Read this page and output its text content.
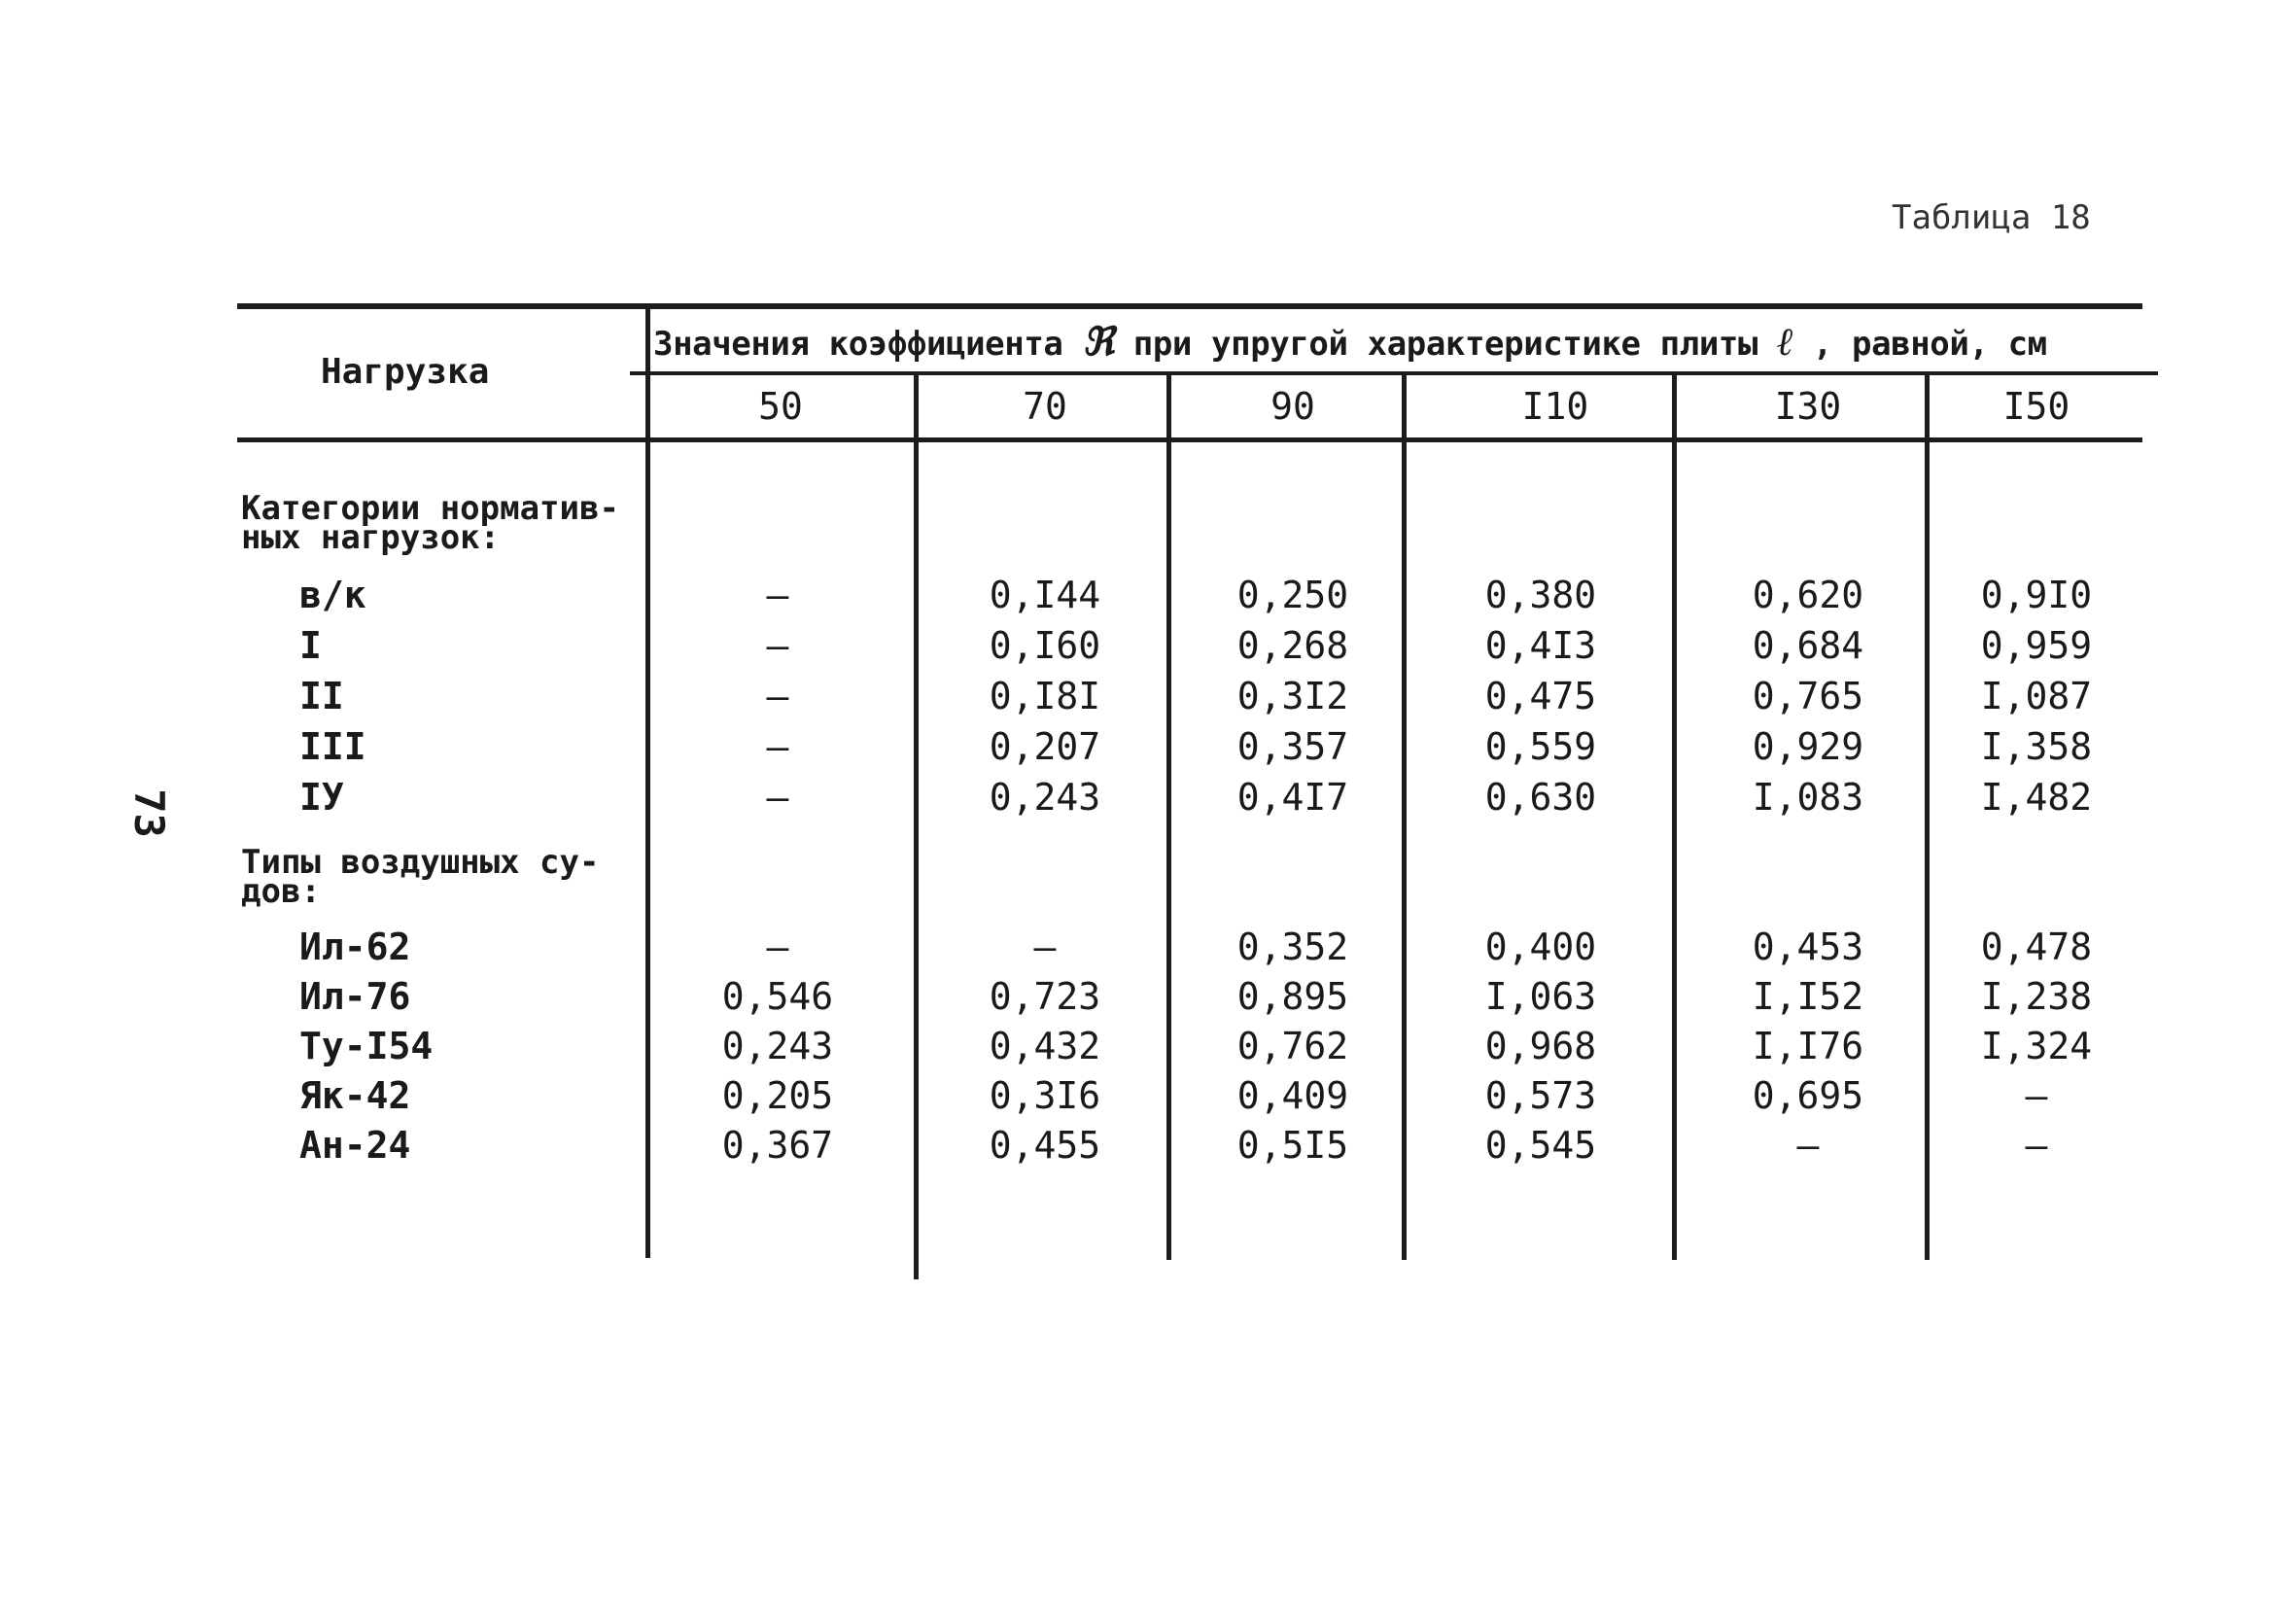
Таблица 18
73
Нагрузка
Значения коэффициента ℜ при упругой характеристике плиты ℓ , равной, см
50	70	90	I10	I30	I50
Категории норматив- ных нагрузок:
в/к	–	0,I44	0,250	0,380	0,620	0,9I0
I	–	0,I60	0,268	0,4I3	0,684	0,959
II	–	0,I8I	0,3I2	0,475	0,765	I,087
III	–	0,207	0,357	0,559	0,929	I,358
IУ	–	0,243	0,4I7	0,630	I,083	I,482
Типы воздушных су- дов:
Ил-62	–	–	0,352	0,400	0,453	0,478
Ил-76	0,546	0,723	0,895	I,063	I,I52	I,238
Ту-I54	0,243	0,432	0,762	0,968	I,I76	I,324
Як-42	0,205	0,3I6	0,409	0,573	0,695	–
Ан-24	0,367	0,455	0,5I5	0,545	–	–
